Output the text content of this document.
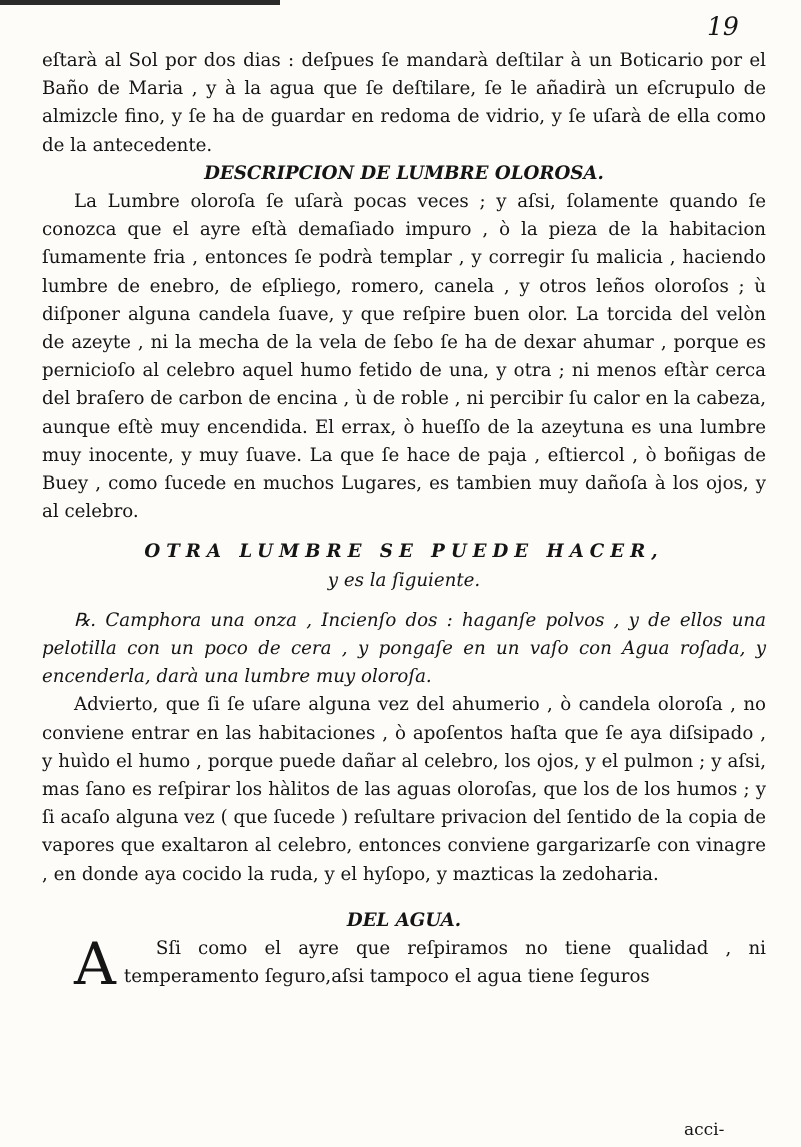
19

eſtarà al Sol por dos dias : deſpues ſe mandarà deſtilar à un Boticario por el Baño de Maria , y à la agua que ſe deſtilare, ſe le añadirà un eſcrupulo de almizcle fino, y ſe ha de guardar en redoma de vidrio, y ſe uſarà de ella como de la antecedente.

DESCRIPCION DE LUMBRE OLOROSA.

La Lumbre oloroſa ſe uſarà pocas veces ; y aſsi, ſolamente quando ſe conozca que el ayre eſtà demaſiado impuro , ò la pieza de la habitacion ſumamente fria , entonces ſe podrà templar , y corregir ſu malicia , haciendo lumbre de enebro, de eſpliego, romero, canela , y otros leños oloroſos ; ù diſponer alguna candela ſuave, y que reſpire buen olor. La torcida del velòn de azeyte , ni la mecha de la vela de ſebo ſe ha de dexar ahumar , porque es pernicioſo al celebro aquel humo fetido de una, y otra ; ni menos eſtàr cerca del braſero de carbon de encina , ù de roble , ni percibir ſu calor en la cabeza, aunque eſtè muy encendida. El errax, ò hueſſo de la azeytuna es una lumbre muy inocente, y muy ſuave. La que ſe hace de paja , eſtiercol , ò boñigas de Buey , como ſucede en muchos Lugares, es tambien muy dañoſa à los ojos, y al celebro.

OTRA LUMBRE SE PUEDE HACER,
y es la ſiguiente.

℞. Camphora una onza , Incienſo dos : haganſe polvos , y de ellos una pelotilla con un poco de cera , y pongaſe en un vaſo con Agua roſada, y encenderla, darà una lumbre muy oloroſa.

Advierto, que ſi ſe uſare alguna vez del ahumerio , ò candela oloroſa , no conviene entrar en las habitaciones , ò apoſentos haſta que ſe aya diſsipado , y huìdo el humo , porque puede dañar al celebro, los ojos, y el pulmon ; y aſsi, mas ſano es reſpirar los hàlitos de las aguas oloroſas, que los de los humos ; y ſi acaſo alguna vez ( que ſucede ) reſultare privacion del ſentido de la copia de vapores que exaltaron al celebro, entonces conviene gargarizarſe con vinagre , en donde aya cocido la ruda, y el hyſopo, y mazticas la zedoharia.

DEL AGUA.

A Sſi como el ayre que reſpiramos no tiene qualidad , ni temperamento ſeguro,aſsi tampoco el agua tiene ſeguros

acci-
